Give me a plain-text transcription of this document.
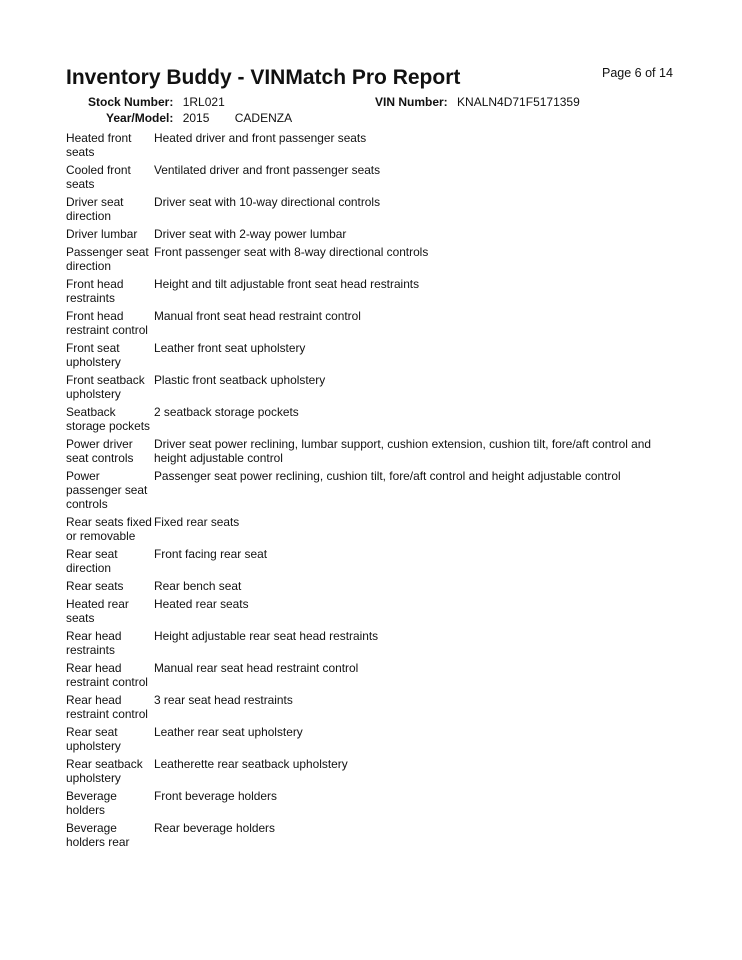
Inventory Buddy - VINMatch Pro Report	Page 6 of 14
Stock Number: 1RL021	VIN Number: KNALN4D71F5171359
Year/Model: 2015 CADENZA
Heated front seats	Heated driver and front passenger seats
Cooled front seats	Ventilated driver and front passenger seats
Driver seat direction	Driver seat with 10-way directional controls
Driver lumbar	Driver seat with 2-way power lumbar
Passenger seat direction	Front passenger seat with 8-way directional controls
Front head restraints	Height and tilt adjustable front seat head restraints
Front head restraint control	Manual front seat head restraint control
Front seat upholstery	Leather front seat upholstery
Front seatback upholstery	Plastic front seatback upholstery
Seatback storage pockets	2 seatback storage pockets
Power driver seat controls	Driver seat power reclining, lumbar support, cushion extension, cushion tilt, fore/aft control and height adjustable control
Power passenger seat controls	Passenger seat power reclining, cushion tilt, fore/aft control and height adjustable control
Rear seats fixed or removable	Fixed rear seats
Rear seat direction	Front facing rear seat
Rear seats	Rear bench seat
Heated rear seats	Heated rear seats
Rear head restraints	Height adjustable rear seat head restraints
Rear head restraint control	Manual rear seat head restraint control
Rear head restraint control	3 rear seat head restraints
Rear seat upholstery	Leather rear seat upholstery
Rear seatback upholstery	Leatherette rear seatback upholstery
Beverage holders	Front beverage holders
Beverage holders rear	Rear beverage holders
